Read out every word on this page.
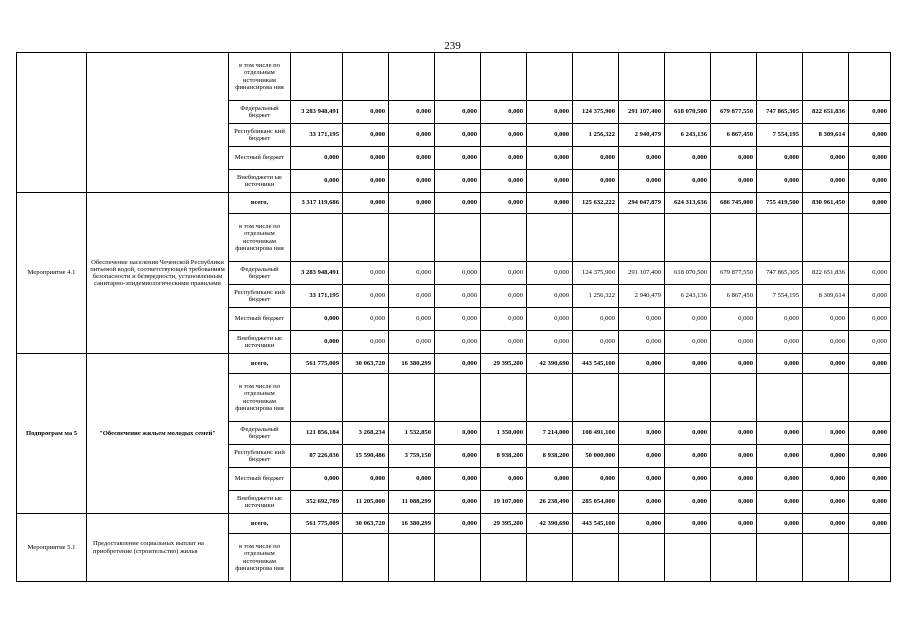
239
		в том числе по отдельным источникам финансирова ния													
		Федеральный бюджет	3 283 948,491	0,000	0,000	0,000	0,000	0,000	124 375,900	291 107,400	618 070,500	679 877,550	747 865,305	822 651,836	0,000
		Республиканс кий бюджет	33 171,195	0,000	0,000	0,000	0,000	0,000	1 256,322	2 940,479	6 243,136	6 867,450	7 554,195	8 309,614	0,000
		Местный бюджет	0,000	0,000	0,000	0,000	0,000	0,000	0,000	0,000	0,000	0,000	0,000	0,000	0,000
		Внебюджетн ые источники	0,000	0,000	0,000	0,000	0,000	0,000	0,000	0,000	0,000	0,000	0,000	0,000	0,000
Мероприятие 4.1	Обеспечение населения Чеченской Республики питьевой водой, соответствующей требованиям безопасности и безвредности, установленным санитарно-эпидемиологическими правилами	всего,	3 317 119,686	0,000	0,000	0,000	0,000	0,000	125 632,222	294 047,879	624 313,636	686 745,000	755 419,500	830 961,450	0,000
		в том числе по отдельным источникам финансирова ния													
		Федеральный бюджет	3 283 948,491	0,000	0,000	0,000	0,000	0,000	124 375,900	291 107,400	618 070,500	679 877,550	747 865,305	822 651,836	0,000
		Республиканс кий бюджет	33 171,195	0,000	0,000	0,000	0,000	0,000	1 256,322	2 940,479	6 243,136	6 867,450	7 554,195	8 309,614	0,000
		Местный бюджет	0,000	0,000	0,000	0,000	0,000	0,000	0,000	0,000	0,000	0,000	0,000	0,000	0,000
		Внебюджетн ые источники	0,000	0,000	0,000	0,000	0,000	0,000	0,000	0,000	0,000	0,000	0,000	0,000	0,000
Подпрограм ма 5	"Обеспечение жильем молодых семей"	всего,	561 775,009	30 063,720	16 380,299	0,000	29 395,200	42 390,690	443 545,100	0,000	0,000	0,000	0,000	0,000	0,000
		в том числе по отдельным источникам финансирова ния													
		Федеральный бюджет	121 856,184	3 268,234	1 532,850	0,000	1 350,000	7 214,000	108 491,100	0,000	0,000	0,000	0,000	0,000	0,000
		Республиканс кий бюджет	87 226,036	15 590,486	3 759,150	0,000	8 938,200	8 938,200	50 000,000	0,000	0,000	0,000	0,000	0,000	0,000
		Местный бюджет	0,000	0,000	0,000	0,000	0,000	0,000	0,000	0,000	0,000	0,000	0,000	0,000	0,000
		Внебюджетн ые источники	352 692,789	11 205,000	11 088,299	0,000	19 107,000	26 238,490	285 054,000	0,000	0,000	0,000	0,000	0,000	0,000
Мероприятие 5.1	Предоставление социальных выплат на приобретение (строительство) жилья	всего,	561 775,009	30 063,720	16 380,299	0,000	29 395,200	42 390,690	443 545,100	0,000	0,000	0,000	0,000	0,000	0,000
		в том числе по отдельным источникам финансирова ния													
